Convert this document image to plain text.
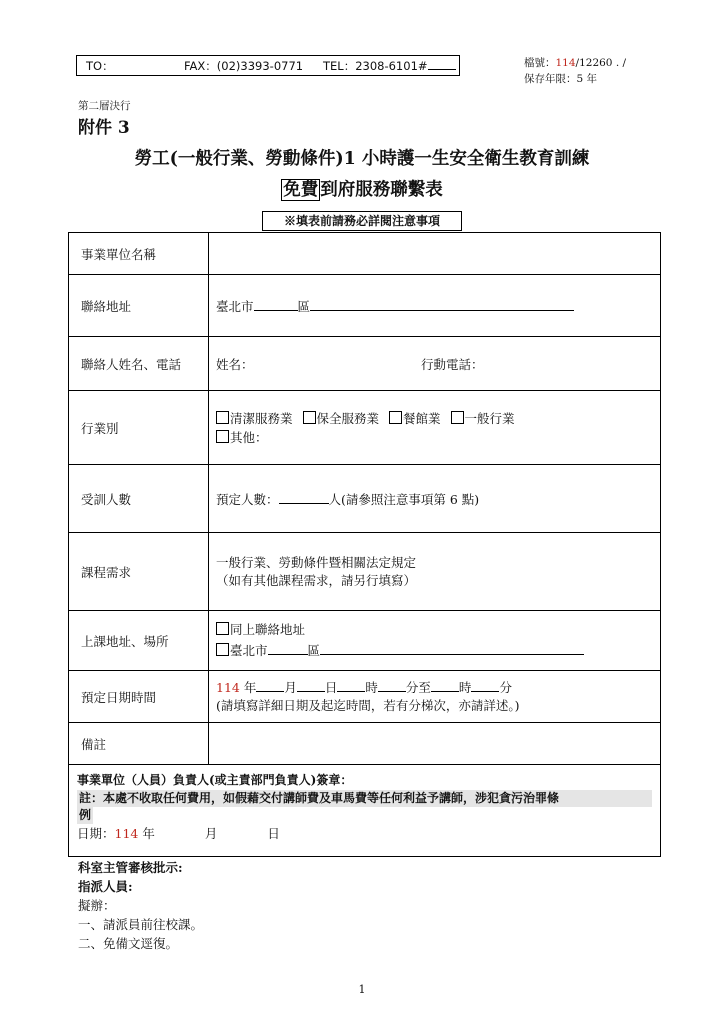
TO：	FAX：(02)3393-0771 TEL：2308-6101#	檔號：114/12260 . /
保存年限：5 年
第二層決行
附件 3
勞工(一般行業、勞動條件)1 小時護一生安全衛生教育訓練
免費 到府服務聯繫表
※填表前請務必詳閱注意事項
事業單位名稱	
聯絡地址	臺北市 區
聯絡人姓名、電話	姓名： 行動電話：

行業別	清潔服務業 保全服務業 餐館業 一般行業
其他：

受訓人數	預定人數： 人(請參照注意事項第 6 點)
課程需求	一般行業、勞動條件暨相關法定規定
（如有其他課程需求，請另行填寫）

上課地址、場所	同上聯絡地址
臺北市 區

預定日期時間	114 年 月 日 時 分至 時 分
(請填寫詳細日期及起迄時間，若有分梯次，亦請詳述。)

備註	

事業單位（人員）負責人(或主責部門負責人)簽章：
註：本處不收取任何費用，如假藉交付講師費及車馬費等任何利益予講師，涉犯貪污治罪條
例
日期：114 年 月 日	
科室主管審核批示:
指派人員:
擬辦：
一、請派員前往校課。
二、免備文逕復。
1
